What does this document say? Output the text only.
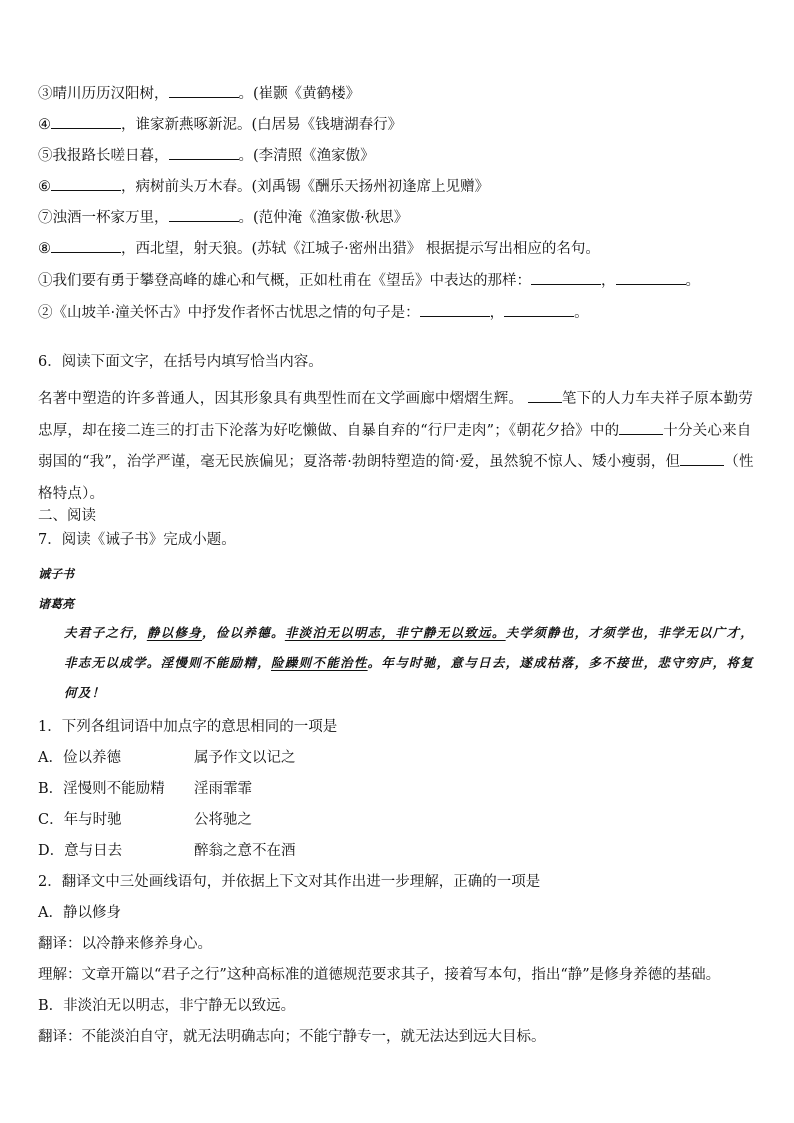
③晴川历历汉阳树，	。(崔颢《黄鹤楼》
④	，谁家新燕啄新泥。(白居易《钱塘湖春行》
⑤我报路长嗟日暮，	。(李清照《渔家傲》
⑥	，病树前头万木春。(刘禹锡《酬乐天扬州初逢席上见赠》
⑦浊酒一杯家万里，	。(范仲淹《渔家傲·秋思》
⑧	，西北望，射天狼。(苏轼《江城子·密州出猎》 根据提示写出相应的名句。
①我们要有勇于攀登高峰的雄心和气概，正如杜甫在《望岳》中表达的那样：	，	。
②《山坡羊·潼关怀古》中抒发作者怀古忧思之情的句子是：	，	。
6．阅读下面文字，在括号内填写恰当内容。
名著中塑造的许多普通人，因其形象具有典型性而在文学画廊中熠熠生辉。	笔下的人力车夫祥子原本勤劳忠厚，却在接二连三的打击下沦落为好吃懒做、自暴自弃的“行尸走肉”；《朝花夕拾》中的	十分关心来自弱国的“我”，治学严谨，毫无民族偏见；夏洛蒂·勃朗特塑造的简·爱，虽然貌不惊人、矮小瘦弱，但	（性格特点）。
二、阅读
7．阅读《诫子书》完成小题。
诫子书
诸葛亮
夫君子之行，静以修身，俭以养德。非淡泊无以明志，非宁静无以致远。夫学须静也，才须学也，非学无以广才，非志无以成学。淫慢则不能励精，险躁则不能治性。年与时驰，意与日去，遂成枯落，多不接世，悲守穷庐，将复何及！
1．下列各组词语中加点字的意思相同的一项是
A．俭以养德	属予作文以记之
B．淫慢则不能励精 淫雨霏霏
C．年与时驰	公将驰之
D．意与日去	醉翁之意不在酒
2．翻译文中三处画线语句，并依据上下文对其作出进一步理解，正确的一项是
A．静以修身
翻译：以冷静来修养身心。
理解：文章开篇以“君子之行”这种高标准的道德规范要求其子，接着写本句，指出“静”是修身养德的基础。
B．非淡泊无以明志，非宁静无以致远。
翻译：不能淡泊自守，就无法明确志向；不能宁静专一，就无法达到远大目标。
